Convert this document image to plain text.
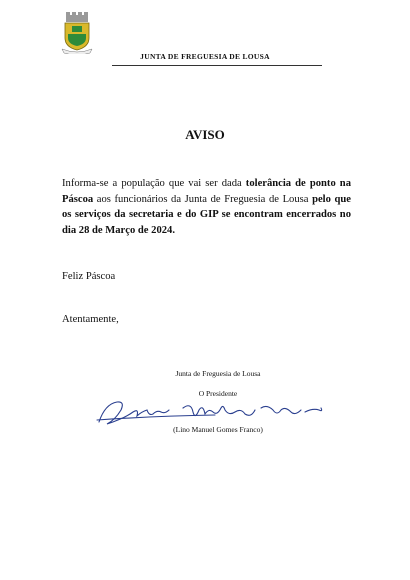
JUNTA DE FREGUESIA DE LOUSA
AVISO
Informa-se a população que vai ser dada tolerância de ponto na Páscoa aos funcionários da Junta de Freguesia de Lousa pelo que os serviços da secretaria e do GIP se encontram encerrados no dia 28 de Março de 2024.
Feliz Páscoa
Atentamente,
Junta de Freguesia de Lousa
O Presidente
(Lino Manuel Gomes Franco)
